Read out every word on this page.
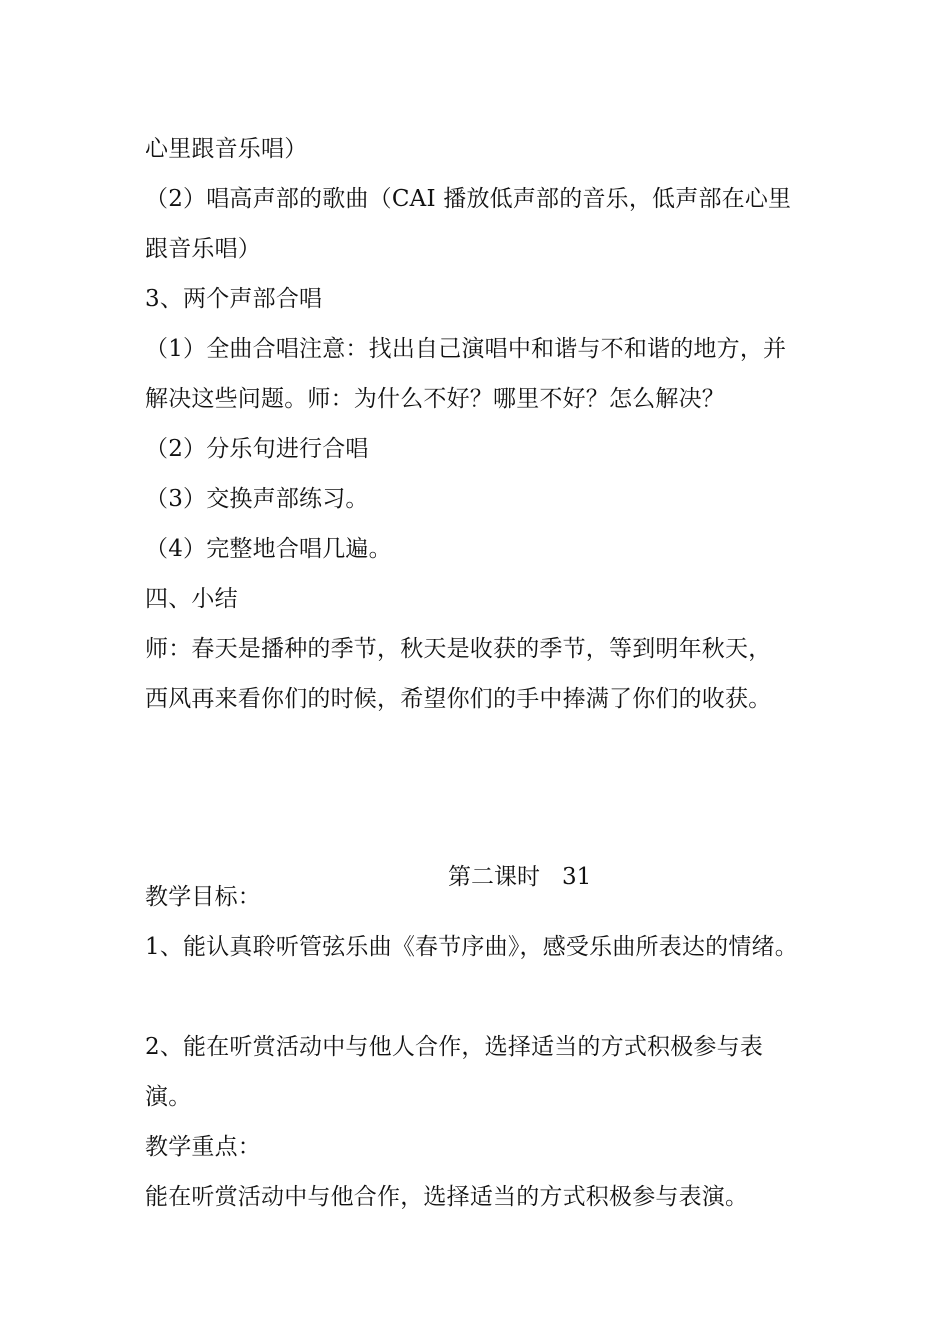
心里跟音乐唱）
（2）唱高声部的歌曲（CAI 播放低声部的音乐，低声部在心里
跟音乐唱）
3、两个声部合唱
（1）全曲合唱注意：找出自己演唱中和谐与不和谐的地方，并
解决这些问题。师：为什么不好？哪里不好？怎么解决？
（2）分乐句进行合唱
（3）交换声部练习。
（4）完整地合唱几遍。
四、小结
师：春天是播种的季节，秋天是收获的季节，等到明年秋天，
西风再来看你们的时候，希望你们的手中捧满了你们的收获。

第二课时   31

教学目标：
1、能认真聆听管弦乐曲《春节序曲》，感受乐曲所表达的情绪。
2、能在听赏活动中与他人合作，选择适当的方式积极参与表
演。
教学重点：
能在听赏活动中与他合作，选择适当的方式积极参与表演。
